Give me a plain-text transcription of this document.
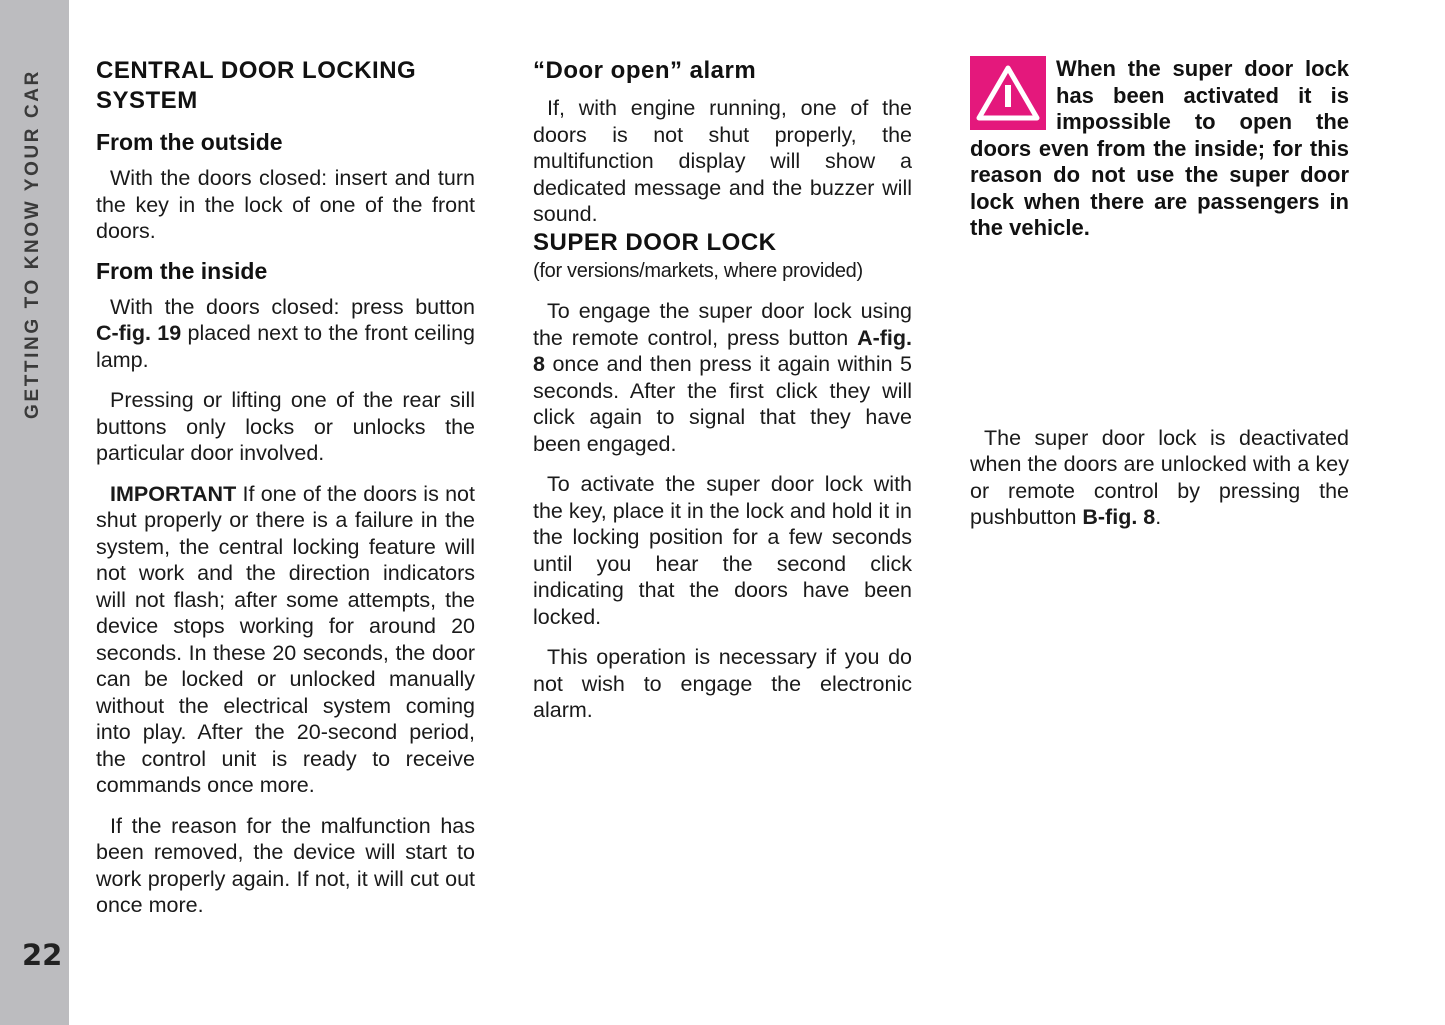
GETTING TO KNOW YOUR CAR
22
CENTRAL DOOR LOCKING SYSTEM
From the outside

With the doors closed: insert and turn the key in the lock of one of the front doors.

From the inside

With the doors closed: press button C-fig. 19 placed next to the front ceiling lamp.

Pressing or lifting one of the rear sill buttons only locks or unlocks the particular door involved.

IMPORTANT If one of the doors is not shut properly or there is a failure in the system, the central locking feature will not work and the direction indicators will not flash; after some attempts, the device stops working for around 20 seconds. In these 20 seconds, the door can be locked or unlocked manually without the electrical system coming into play. After the 20-second period, the control unit is ready to receive commands once more.

If the reason for the malfunction has been removed, the device will start to work properly again. If not, it will cut out once more.

“Door open” alarm

If, with engine running, one of the doors is not shut properly, the multifunction display will show a dedicated message and the buzzer will sound.

SUPER DOOR LOCK
(for versions/markets, where provided)

To engage the super door lock using the remote control, press button A-fig. 8 once and then press it again within 5 seconds. After the first click they will click again to signal that they have been engaged.

To activate the super door lock with the key, place it in the lock and hold it in the locking position for a few seconds until you hear the second click indicating that the doors have been locked.

This operation is necessary if you do not wish to engage the electronic alarm.

When the super door lock has been activated it is impossible to open the doors even from the inside; for this reason do not use the super door lock when there are passengers in the vehicle.

The super door lock is deactivated when the doors are unlocked with a key or remote control by pressing the pushbutton B-fig. 8.
